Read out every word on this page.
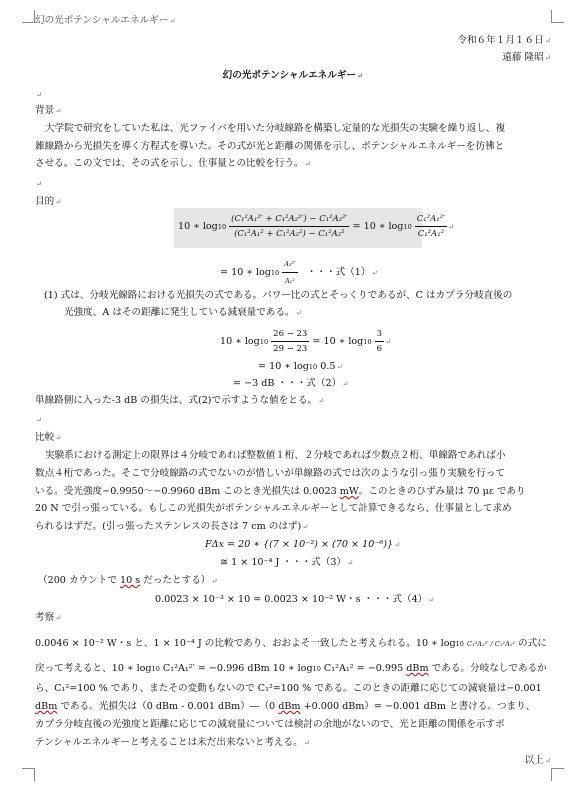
幻の光ポテンシャルエネルギー↵
令和６年１月１６日↵
遠藤 隆昭↵
幻の光ポテンシャルエネルギー↵
↵
背景↵
大学院で研究をしていた私は、光ファイバを用いた分岐線路を構築し定量的な光損失の実験を繰り返し、複
雑線路から光損失を導く方程式を導いた。その式が光と距離の関係を示し、ポテンシャルエネルギーを彷彿と
させる。この文では、その式を示し、仕事量との比較を行う。↵
↵
目的↵
10 ∗ $\log 10 \frac{\text{(C₁²A₁²′ + C₁²A₂²′) − C₁²A₂²′}}{\text{(C₁²A₁² + C₁²A₂²) − C₁²A₂²}} = 10$ ∗ $\log 10 \frac{\text{C₁²A₁²′}}{\text{C₁²A₁²}}$ ↵
= 10 ∗ $\log 10 \frac{\text{A₁²′}}{\text{A₁²}}$ ・・・式（1）↵
(1) 式は、分岐光線路における光損失の式である。パワー比の式とそっくりであるが、C はカプラ分岐直後の
光強度、A はその距離に発生している減衰量である。↵
10 ∗ $\log 10 \frac{26 - 23}{29 - 23} = 10$ ∗ $\log 10 \frac{3}{6}$ ↵
= 10 ∗ log10 0.5↵
= −3 dB ・・・式（2）↵
単線路側に入った-3 dB の損失は、式(2)で示すような値をとる。↵
↵
比較↵
実験系における測定上の限界は４分岐であれば整数値１桁、２分岐であれば少数点２桁、単線路であれば小
数点４桁であった。そこで分岐線路の式でないのが惜しいが単線路の式では次のような引っ張り実験を行って
いる。受光強度−0.9950〜−0.9960 dBm このとき光損失は 0.0023 mW。このときのひずみ量は 70 με であり
20 N で引っ張っている。もしこの光損失がポテンシャルエネルギーとして計算できるなら、仕事量として求め
られるはずだ。(引っ張ったステンレスの長さは 7 cm のはず)↵
FΔx = 20 ∗ {(7 × 10⁻²) × (70 × 10⁻⁶)}↵
≅ 1 × 10⁻⁴ J ・・・式（3）↵
（200 カウントで 10 s だったとする）↵
0.0023 × 10⁻³ × 10 = 0.0023 × 10⁻² W・s ・・・式（4）↵
考察↵
0.0046 × 10⁻² W・s と、1 × 10⁻⁴ J の比較であり、おおよそ一致したと考えられる。10 ∗ log10 C₁²A₁²′ / C₁²A₁² の式に
戻って考えると、10 ∗ log10 C₁²A₁²′ = −0.996 dBm 10 ∗ log10 C₁²A₁² = −0.995 dBm である。分岐なしであるか
ら、C₁²=100 % であり、またその変動もないので C₁²=100 % である。このときの距離に応じての減衰量は−0.001
dBm である。光損失は（0 dBm - 0.001 dBm）―（0 dBm +0.000 dBm）= −0.001 dBm と書ける。つまり、
カプラ分岐直後の光強度と距離に応じての減衰量については検討の余地がないので、光と距離の関係を示すポ
テンシャルエネルギーと考えることは未だ出来ないと考える。↵
以上↵
